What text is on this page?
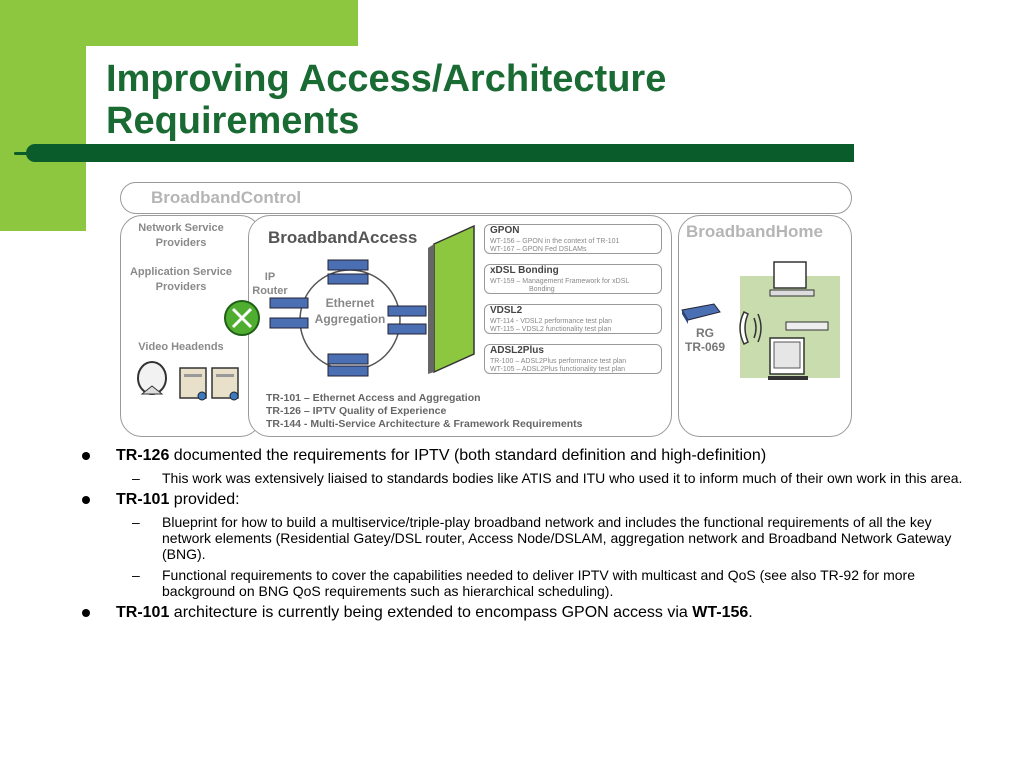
Improving Access/Architecture Requirements
BroadbandControl
Network Service Providers
Application Service Providers
Video Headends
BroadbandAccess
IP Router
Ethernet Aggregation
GPON
WT-156 – GPON in the context of TR-101
WT-167 – GPON Fed DSLAMs
xDSL Bonding
WT-159 – Management Framework for xDSL
Bonding
VDSL2
WT-114 - VDSL2 performance test plan
WT-115 – VDSL2 functionality test plan
ADSL2Plus
TR-100 – ADSL2Plus performance test plan
WT-105 – ADSL2Plus functionality test plan
TR-101 – Ethernet Access and Aggregation
TR-126 – IPTV Quality of Experience
TR-144 - Multi-Service Architecture & Framework Requirements
BroadbandHome
RG
TR-069
TR-126 documented the requirements for IPTV (both standard definition and high-definition)
– This work was extensively liaised to standards bodies like ATIS and ITU who used it to inform much of their own work in this area.
TR-101 provided:
– Blueprint for how to build a multiservice/triple-play broadband network and includes the functional requirements of all the key network elements (Residential Gatey/DSL router, Access Node/DSLAM, aggregation network and Broadband Network Gateway (BNG).
– Functional requirements to cover the capabilities needed to deliver IPTV with multicast and QoS (see also TR-92 for more background on BNG QoS requirements such as hierarchical scheduling).
TR-101 architecture is currently being extended to encompass GPON access via WT-156.
